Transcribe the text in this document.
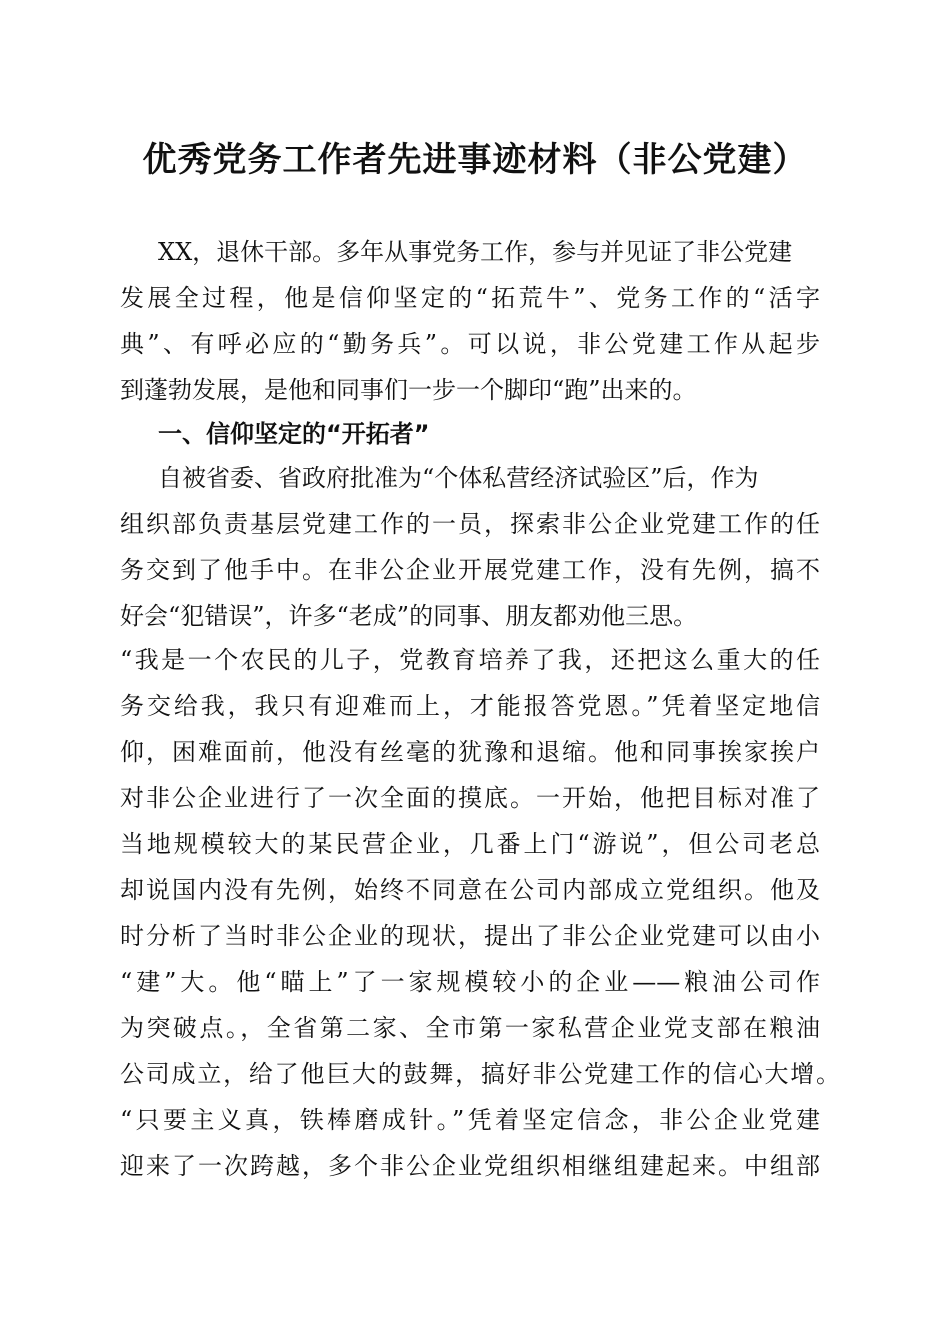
优秀党务工作者先进事迹材料（非公党建）
XX，退休干部。多年从事党务工作，参与并见证了非公党建
发展全过程，他是信仰坚定的“拓荒牛”、党务工作的“活字
典”、有呼必应的“勤务兵”。可以说，非公党建工作从起步
到蓬勃发展，是他和同事们一步一个脚印“跑”出来的。
一、信仰坚定的“开拓者”
自被省委、省政府批准为“个体私营经济试验区”后，作为
组织部负责基层党建工作的一员，探索非公企业党建工作的任
务交到了他手中。在非公企业开展党建工作，没有先例，搞不
好会“犯错误”，许多“老成”的同事、朋友都劝他三思。
“我是一个农民的儿子，党教育培养了我，还把这么重大的任
务交给我，我只有迎难而上，才能报答党恩。”凭着坚定地信
仰，困难面前，他没有丝毫的犹豫和退缩。他和同事挨家挨户
对非公企业进行了一次全面的摸底。一开始，他把目标对准了
当地规模较大的某民营企业，几番上门“游说”，但公司老总
却说国内没有先例，始终不同意在公司内部成立党组织。他及
时分析了当时非公企业的现状，提出了非公企业党建可以由小
“建”大。他“瞄上”了一家规模较小的企业——粮油公司作
为突破点。，全省第二家、全市第一家私营企业党支部在粮油
公司成立，给了他巨大的鼓舞，搞好非公党建工作的信心大增。
“只要主义真，铁棒磨成针。”凭着坚定信念，非公企业党建
迎来了一次跨越，多个非公企业党组织相继组建起来。中组部
